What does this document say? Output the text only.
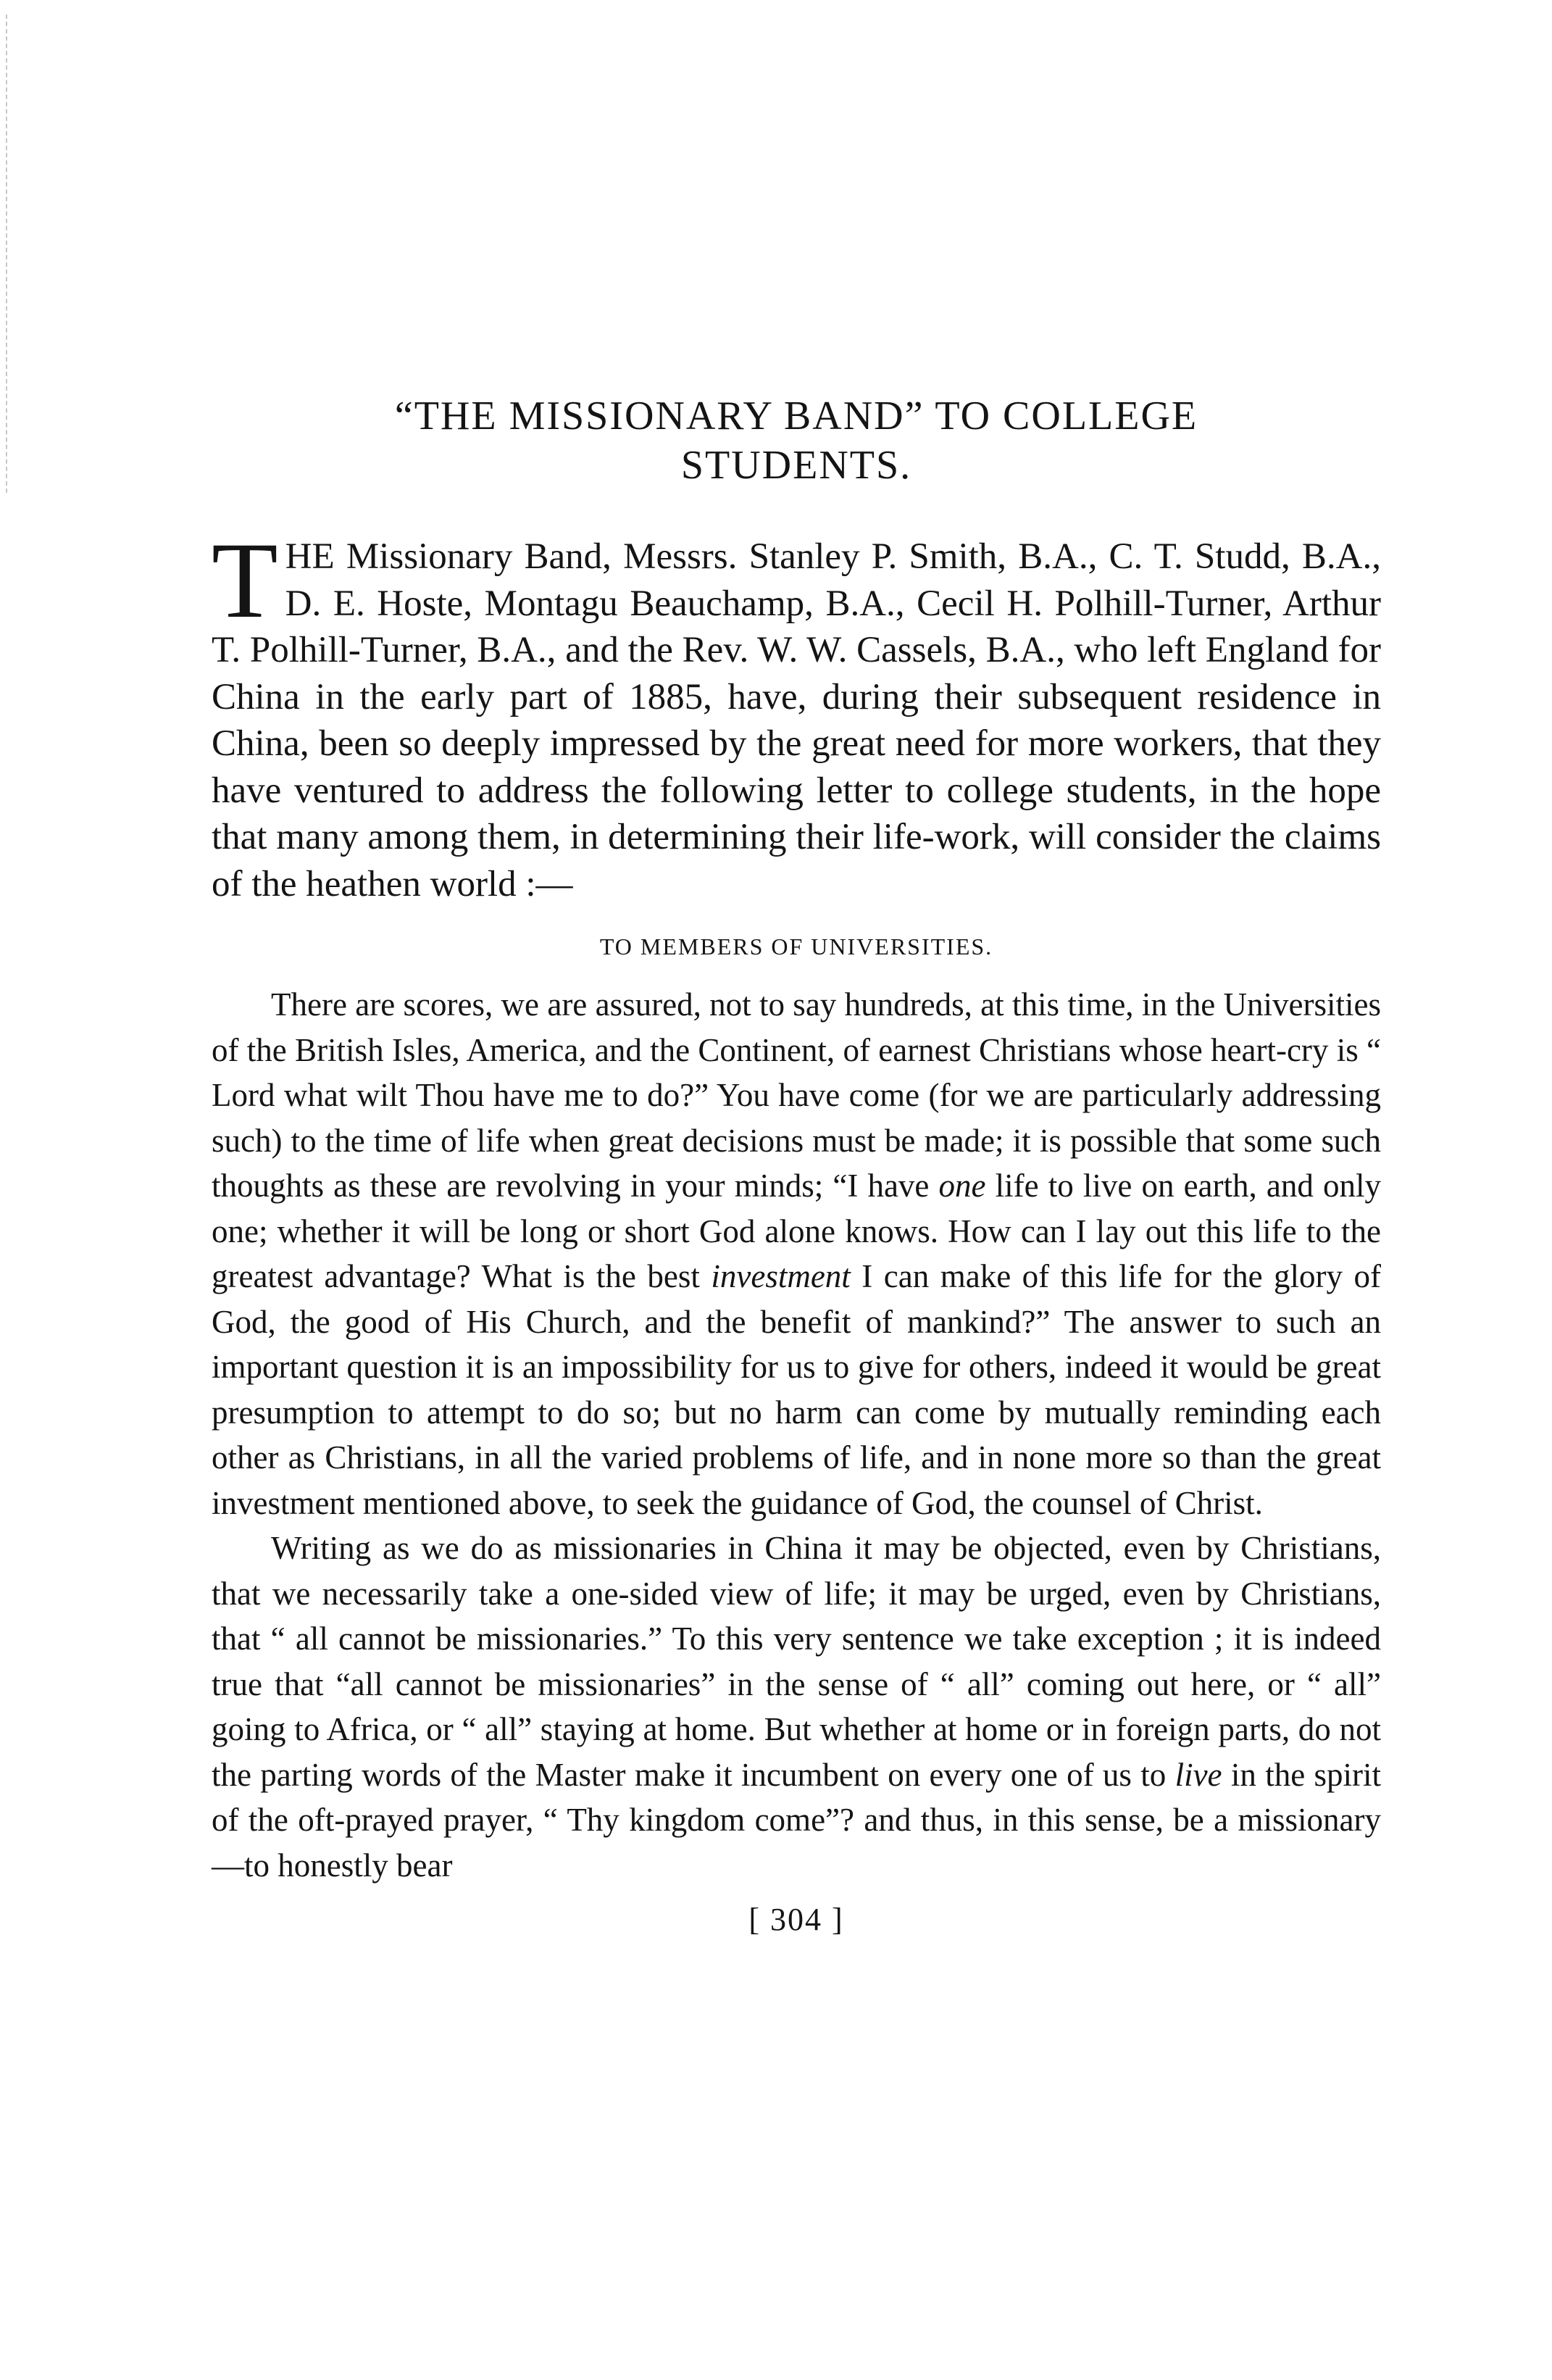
“THE MISSIONARY BAND” TO COLLEGE
STUDENTS.

THE Missionary Band, Messrs. Stanley P. Smith, B.A., C. T. Studd, B.A., D. E. Hoste, Montagu Beauchamp, B.A., Cecil H. Polhill-Turner, Arthur T. Polhill-Turner, B.A., and the Rev. W. W. Cassels, B.A., who left England for China in the early part of 1885, have, during their subsequent residence in China, been so deeply impressed by the great need for more workers, that they have ventured to address the following letter to college students, in the hope that many among them, in determining their life-work, will consider the claims of the heathen world :—

TO MEMBERS OF UNIVERSITIES.

There are scores, we are assured, not to say hundreds, at this time, in the Universities of the British Isles, America, and the Continent, of earnest Christians whose heart-cry is “ Lord what wilt Thou have me to do?” You have come (for we are particularly addressing such) to the time of life when great decisions must be made; it is possible that some such thoughts as these are revolving in your minds; “I have one life to live on earth, and only one; whether it will be long or short God alone knows. How can I lay out this life to the greatest advantage? What is the best investment I can make of this life for the glory of God, the good of His Church, and the benefit of mankind?” The answer to such an important question it is an impossibility for us to give for others, indeed it would be great presumption to attempt to do so; but no harm can come by mutually reminding each other as Christians, in all the varied problems of life, and in none more so than the great investment mentioned above, to seek the guidance of God, the counsel of Christ.

Writing as we do as missionaries in China it may be objected, even by Christians, that we necessarily take a one-sided view of life; it may be urged, even by Christians, that “ all cannot be missionaries.” To this very sentence we take exception ; it is indeed true that “all cannot be missionaries” in the sense of “ all” coming out here, or “ all” going to Africa, or “ all” staying at home. But whether at home or in foreign parts, do not the parting words of the Master make it incumbent on every one of us to live in the spirit of the oft-prayed prayer, “ Thy kingdom come”? and thus, in this sense, be a missionary—to honestly bear

[ 304 ]
